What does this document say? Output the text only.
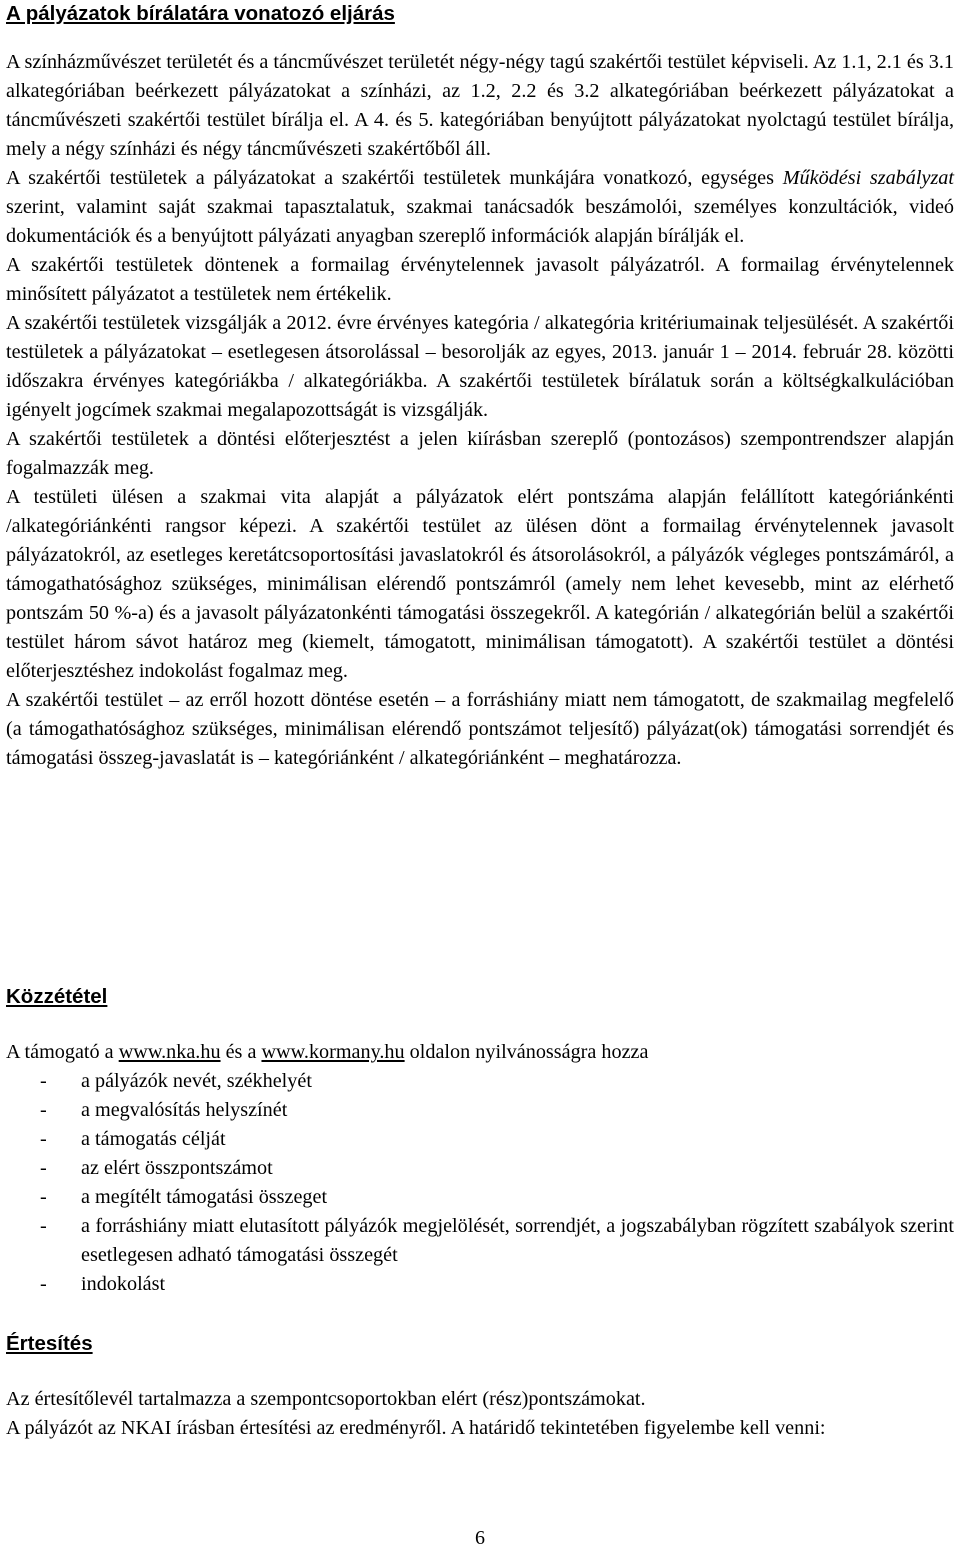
A pályázatok bírálatára vonatozó eljárás

A színházművészet területét és a táncművészet területét négy-négy tagú szakértői testület képviseli. Az 1.1, 2.1 és 3.1 alkategóriában beérkezett pályázatokat a színházi, az 1.2, 2.2 és 3.2 alkategóriában beérkezett pályázatokat a táncművészeti szakértői testület bírálja el. A 4. és 5. kategóriában benyújtott pályázatokat nyolctagú testület bírálja, mely a négy színházi és négy táncművészeti szakértőből áll.

A szakértői testületek a pályázatokat a szakértői testületek munkájára vonatkozó, egységes Működési szabályzat szerint, valamint saját szakmai tapasztalatuk, szakmai tanácsadók beszámolói, személyes konzultációk, videó dokumentációk és a benyújtott pályázati anyagban szereplő információk alapján bírálják el.

A szakértői testületek döntenek a formailag érvénytelennek javasolt pályázatról. A formailag érvénytelennek minősített pályázatot a testületek nem értékelik.

A szakértői testületek vizsgálják a 2012. évre érvényes kategória / alkategória kritériumainak teljesülését. A szakértői testületek a pályázatokat – esetlegesen átsorolással – besorolják az egyes, 2013. január 1 – 2014. február 28. közötti időszakra érvényes kategóriákba / alkategóriákba. A szakértői testületek bírálatuk során a költségkalkulációban igényelt jogcímek szakmai megalapozottságát is vizsgálják.

A szakértői testületek a döntési előterjesztést a jelen kiírásban szereplő (pontozásos) szempontrendszer alapján fogalmazzák meg.

A testületi ülésen a szakmai vita alapját a pályázatok elért pontszáma alapján felállított kategóriánkénti /alkategóriánkénti rangsor képezi. A szakértői testület az ülésen dönt a formailag érvénytelennek javasolt pályázatokról, az esetleges keretátcsoportosítási javaslatokról és átsorolásokról, a pályázók végleges pontszámáról, a támogathatósághoz szükséges, minimálisan elérendő pontszámról (amely nem lehet kevesebb, mint az elérhető pontszám 50 %-a) és a javasolt pályázatonkénti támogatási összegekről. A kategórián / alkategórián belül a szakértői testület három sávot határoz meg (kiemelt, támogatott, minimálisan támogatott). A szakértői testület a döntési előterjesztéshez indokolást fogalmaz meg.

A szakértői testület – az erről hozott döntése esetén – a forráshiány miatt nem támogatott, de szakmailag megfelelő (a támogathatósághoz szükséges, minimálisan elérendő pontszámot teljesítő) pályázat(ok) támogatási sorrendjét és támogatási összeg-javaslatát is – kategóriánként / alkategóriánként – meghatározza.

Közzététel

A támogató a www.nka.hu és a www.kormany.hu oldalon nyilvánosságra hozza

- a pályázók nevét, székhelyét
- a megvalósítás helyszínét
- a támogatás célját
- az elért összpontszámot
- a megítélt támogatási összeget
- a forráshiány miatt elutasított pályázók megjelölését, sorrendjét, a jogszabályban rögzített szabályok szerint esetlegesen adható támogatási összegét
- indokolást
Értesítés

Az értesítőlevél tartalmazza a szempontcsoportokban elért (rész)pontszámokat.

A pályázót az NKAI írásban értesítési az eredményről. A határidő tekintetében figyelembe kell venni:

6
